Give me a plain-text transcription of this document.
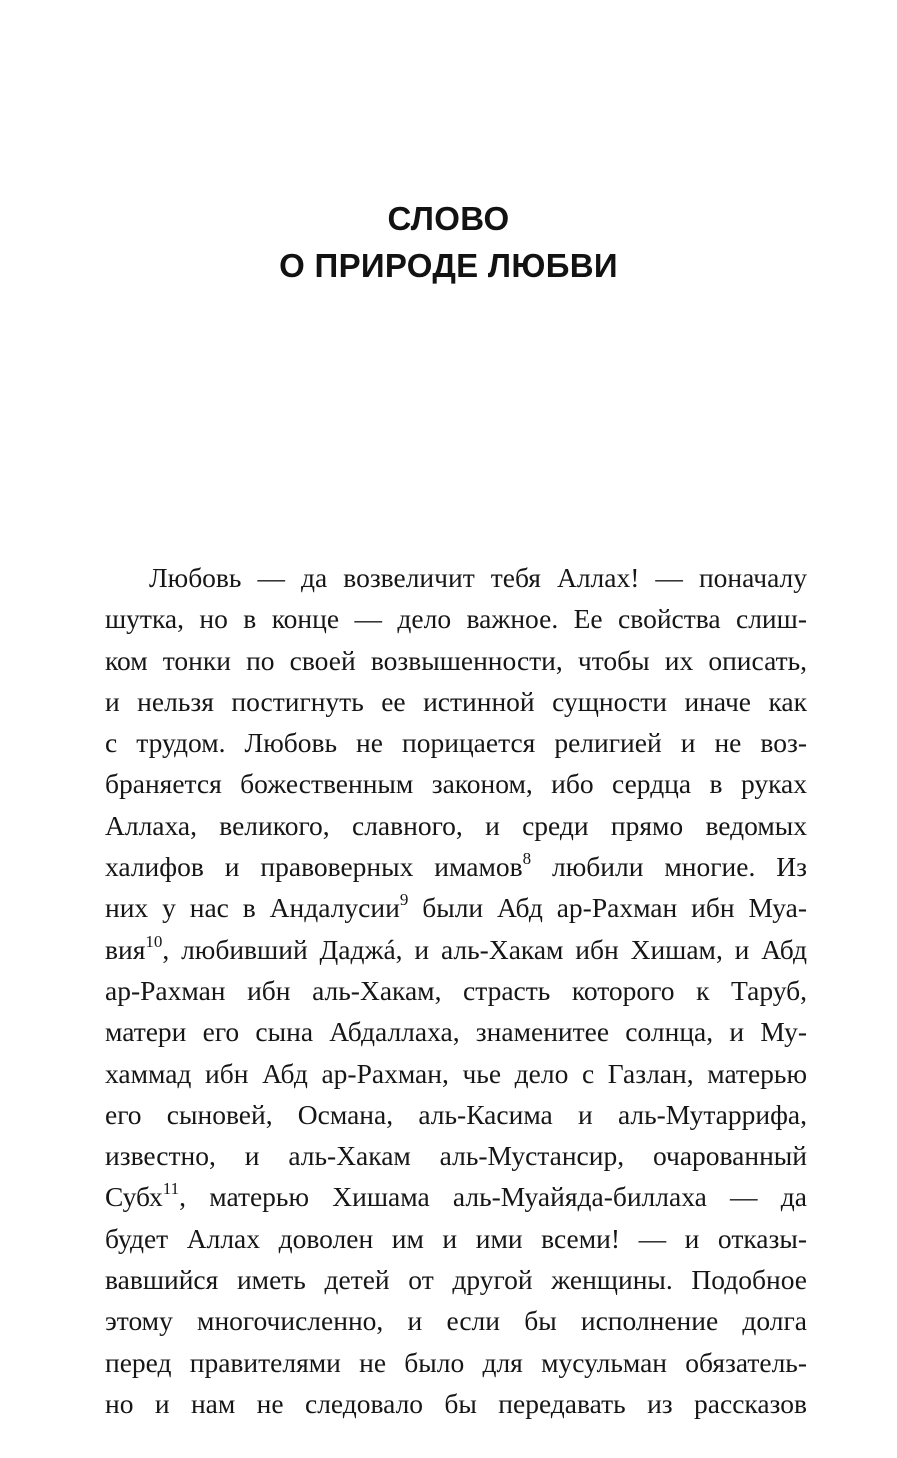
СЛОВО
О ПРИРОДЕ ЛЮБВИ
Любовь — да возвеличит тебя Аллах! — поначалу
шутка, но в конце — дело важное. Ее свойства слиш-
ком тонки по своей возвышенности, чтобы их описать,
и нельзя постигнуть ее истинной сущности иначе как
с трудом. Любовь не порицается религией и не воз-
браняется божественным законом, ибо сердца в руках
Аллаха, великого, славного, и среди прямо ведомых
халифов и правоверных имамов$^8$ любили многие. Из
них у нас в Андалусии$^9$ были Абд ар-Рахман ибн Муа-
вия$^{10}$, любивший Даджá, и аль-Хакам ибн Хишам, и Абд
ар-Рахман ибн аль-Хакам, страсть которого к Таруб,
матери его сына Абдаллаха, знаменитее солнца, и Му-
хаммад ибн Абд ар-Рахман, чье дело с Газлан, матерью
его сыновей, Османа, аль-Касима и аль-Мутаррифа,
известно, и аль-Хакам аль-Мустансир, очарованный
Субх$^{11}$, матерью Хишама аль-Муайяда-биллаха — да
будет Аллах доволен им и ими всеми! — и отказы-
вавшийся иметь детей от другой женщины. Подобное
этому многочисленно, и если бы исполнение долга
перед правителями не было для мусульман обязатель-
но и нам не следовало бы передавать из рассказов
